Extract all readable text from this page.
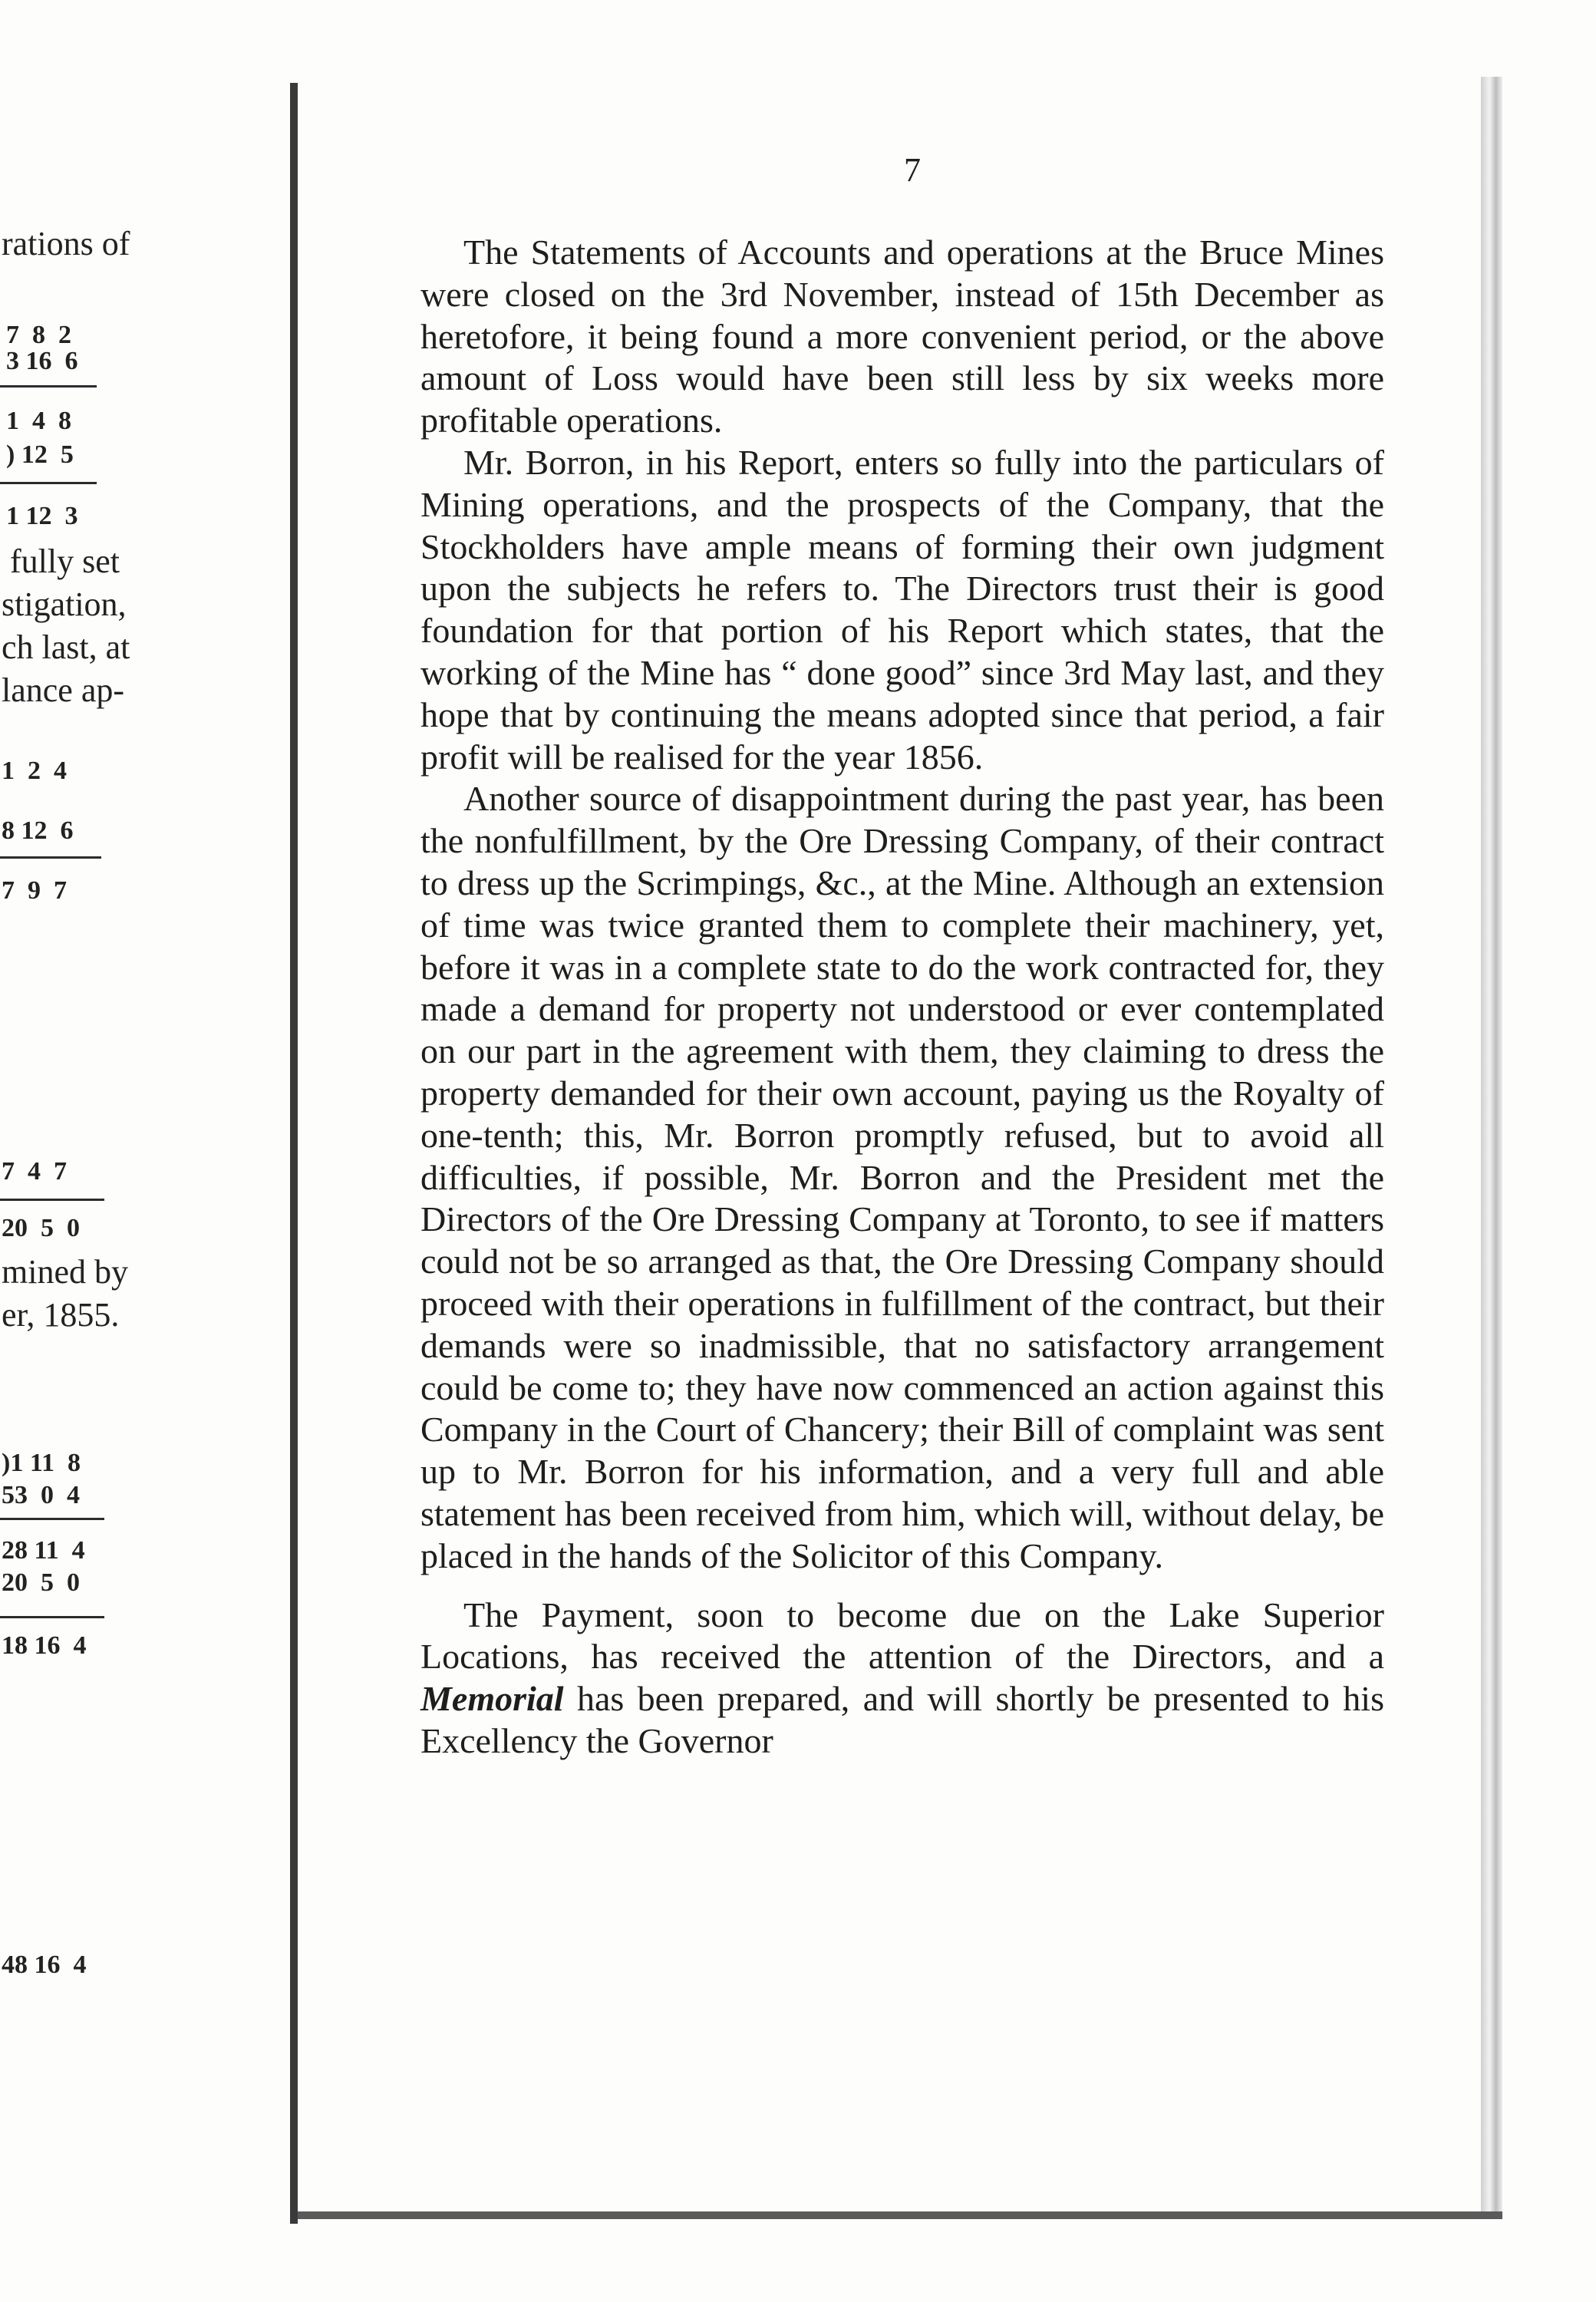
rations of
7  8  2
3 16  6
1  4  8
) 12  5
1 12  3
fully set
stigation,
ch last, at
lance ap-
1  2  4
8 12  6
7  9  7
7  4  7
20  5  0
mined by
er, 1855.
)1 11  8
53  0  4
28 11  4
20  5  0
18 16  4
48 16  4
7

The Statements of Accounts and operations at the Bruce Mines were closed on the 3rd November, instead of 15th December as heretofore, it being found a more convenient period, or the above amount of Loss would have been still less by six weeks more profitable operations.

Mr. Borron, in his Report, enters so fully into the particulars of Mining operations, and the prospects of the Company, that the Stockholders have ample means of forming their own judgment upon the subjects he refers to. The Directors trust their is good foundation for that portion of his Report which states, that the working of the Mine has “ done good” since 3rd May last, and they hope that by continuing the means adopted since that period, a fair profit will be realised for the year 1856.

Another source of disappointment during the past year, has been the nonfulfillment, by the Ore Dressing Company, of their contract to dress up the Scrimpings, &c., at the Mine. Although an extension of time was twice granted them to complete their machinery, yet, before it was in a complete state to do the work contracted for, they made a demand for property not understood or ever contemplated on our part in the agreement with them, they claiming to dress the property demanded for their own account, paying us the Royalty of one-tenth; this, Mr. Borron promptly refused, but to avoid all difficulties, if possible, Mr. Borron and the President met the Directors of the Ore Dressing Company at Toronto, to see if matters could not be so arranged as that, the Ore Dressing Company should proceed with their operations in fulfillment of the contract, but their demands were so inadmissible, that no satisfactory arrangement could be come to; they have now commenced an action against this Company in the Court of Chancery; their Bill of complaint was sent up to Mr. Borron for his information, and a very full and able statement has been received from him, which will, without delay, be placed in the hands of the Solicitor of this Company.

The Payment, soon to become due on the Lake Superior Locations, has received the attention of the Directors, and a Memorial has been prepared, and will shortly be presented to his Excellency the Governor
